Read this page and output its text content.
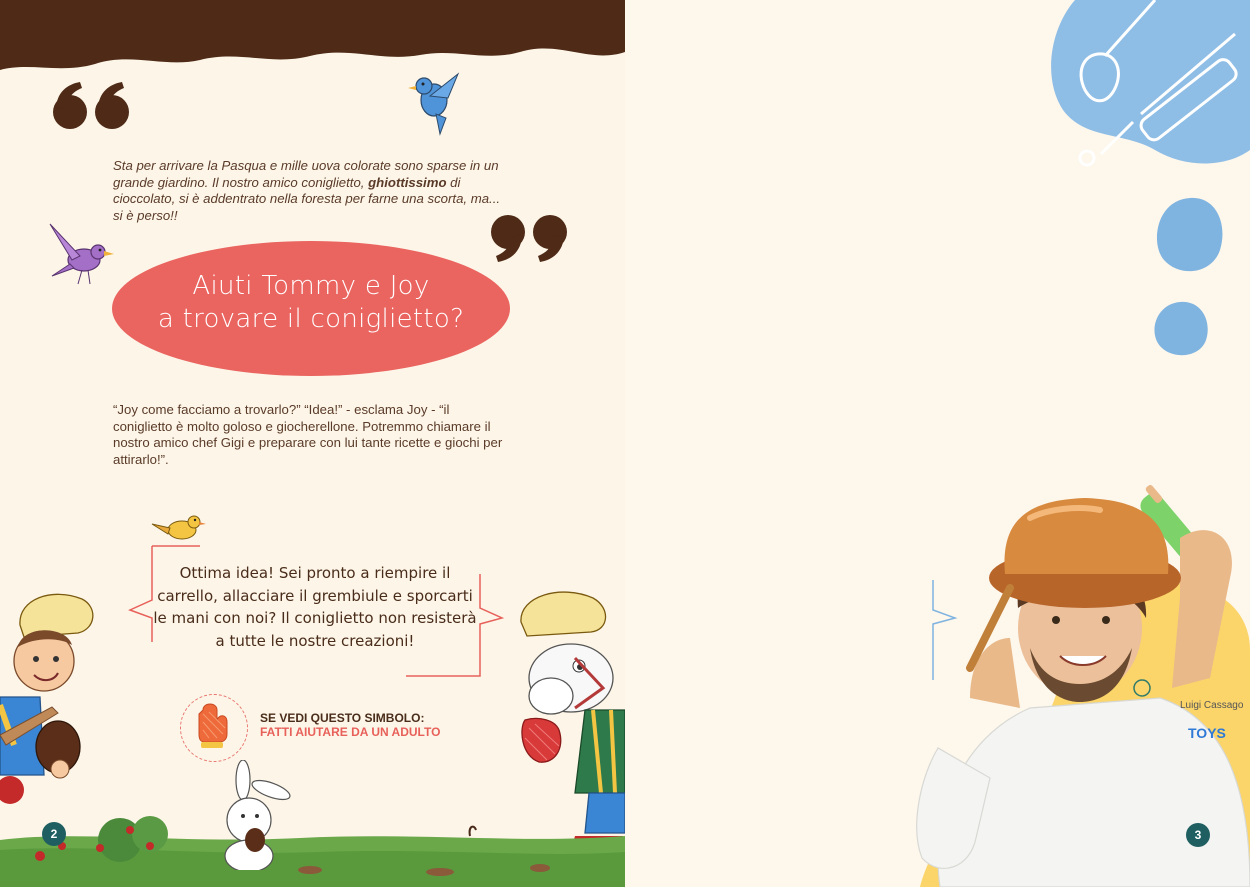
Sta per arrivare la Pasqua e mille uova colorate sono sparse in un grande giardino. Il nostro amico coniglietto, ghiottissimo di cioccolato, si è addentrato nella foresta per farne una scorta, ma... si è perso!!
Aiuti Tommy e Joy
a trovare il coniglietto?
“Joy come facciamo a trovarlo?” “Idea!” - esclama Joy - “il coniglietto è molto goloso e giocherellone. Potremmo chiamare il nostro amico chef Gigi e preparare con lui tante ricette e giochi per attirarlo!”.
Ottima idea! Sei pronto a riempire il carrello, allacciare il grembiule e sporcarti le mani con noi? Il coniglietto non resisterà a tutte le nostre creazioni!
SE VEDI QUESTO SIMBOLO:
FATTI AIUTARE DA UN ADULTO
2
Luigi Cassago
TOYS
3
